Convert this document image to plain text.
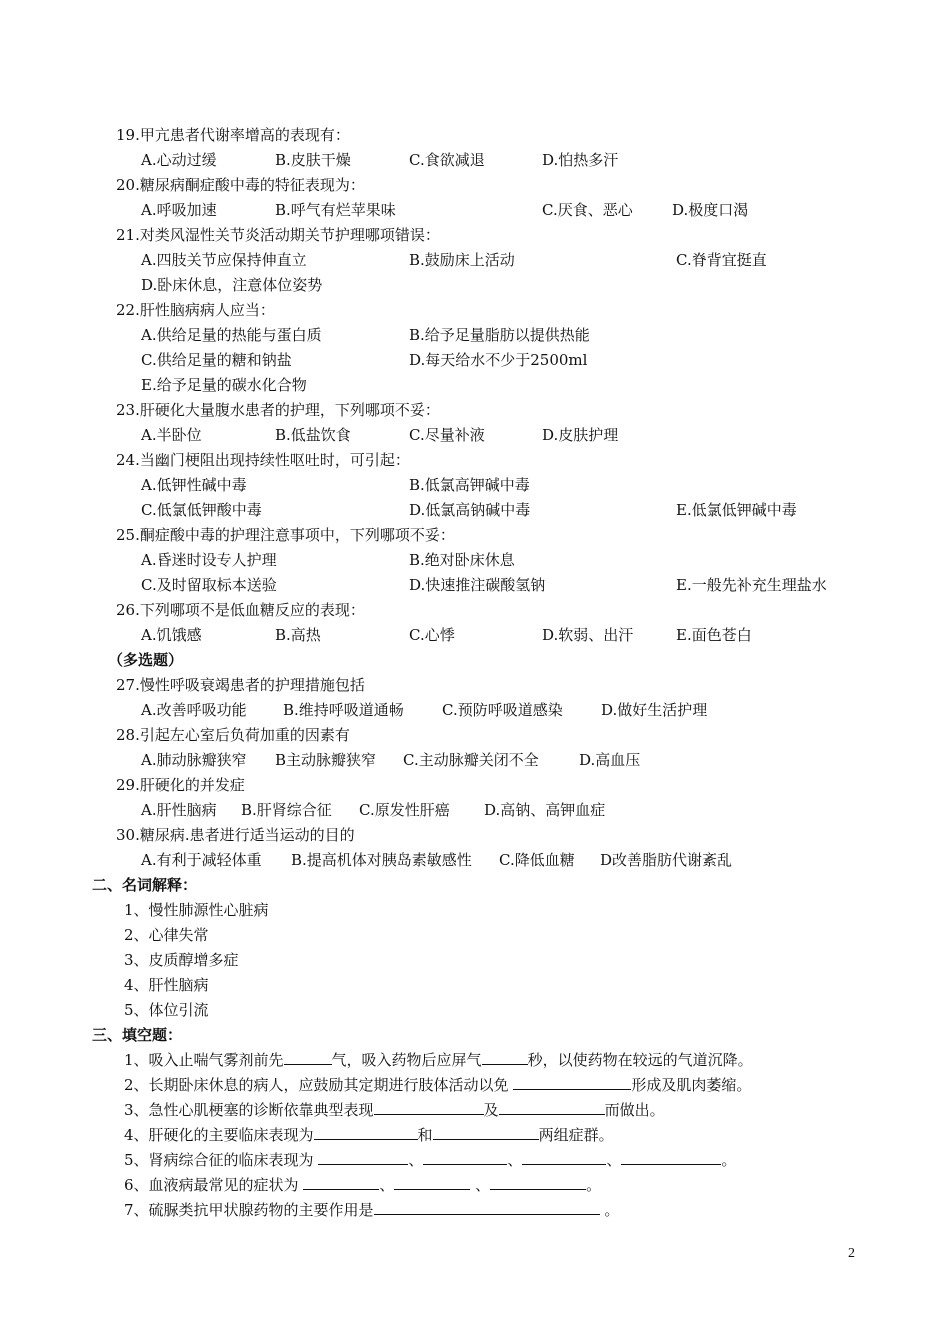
19.甲亢患者代谢率增高的表现有：
A.心动过缓	B.皮肤干燥	C.食欲减退	D.怕热多汗
20.糖尿病酮症酸中毒的特征表现为：
A.呼吸加速	B.呼气有烂苹果味	C.厌食、恶心	D.极度口渴
21.对类风湿性关节炎活动期关节护理哪项错误：
A.四肢关节应保持伸直立	B.鼓励床上活动	C.脊背宜挺直
D.卧床休息，注意体位姿势
22.肝性脑病病人应当：
A.供给足量的热能与蛋白质	B.给予足量脂肪以提供热能
C.供给足量的糖和钠盐	D.每天给水不少于2500ml
E.给予足量的碳水化合物
23.肝硬化大量腹水患者的护理，下列哪项不妥：
A.半卧位	B.低盐饮食	C.尽量补液	D.皮肤护理
24.当幽门梗阻出现持续性呕吐时，可引起：
A.低钾性碱中毒	B.低氯高钾碱中毒
C.低氯低钾酸中毒	D.低氯高钠碱中毒	E.低氯低钾碱中毒
25.酮症酸中毒的护理注意事项中，下列哪项不妥：
A.昏迷时设专人护理	B.绝对卧床休息
C.及时留取标本送验	D.快速推注碳酸氢钠	E.一般先补充生理盐水
26.下列哪项不是低血糖反应的表现：
A.饥饿感	B.高热	C.心悸	D.软弱、出汗	E.面色苍白
（多选题）
27.慢性呼吸衰竭患者的护理措施包括
A.改善呼吸功能 B.维持呼吸道通畅	C.预防呼吸道感染	D.做好生活护理
28.引起左心室后负荷加重的因素有
A.肺动脉瓣狭窄 B主动脉瓣狭窄 C.主动脉瓣关闭不全	D.高血压
29.肝硬化的并发症
A.肝性脑病 B.肝肾综合征 C.原发性肝癌 D.高钠、高钾血症
30.糖尿病.患者进行适当运动的目的
A.有利于减轻体重 B.提高机体对胰岛素敏感性 C.降低血糖 D改善脂肪代谢紊乱
二、名词解释：
1、慢性肺源性心脏病
2、心律失常
3、皮质醇增多症
4、肝性脑病
5、体位引流
三、填空题：
1、吸入止喘气雾剂前先	气，吸入药物后应屏气	秒，以使药物在较远的气道沉降。
2、长期卧床休息的病人，应鼓励其定期进行肢体活动以免	形成及肌肉萎缩。
3、急性心肌梗塞的诊断依靠典型表现	及	而做出。
4、肝硬化的主要临床表现为	和	两组症群。
5、肾病综合征的临床表现为	、	、	、	。
6、血液病最常见的症状为	、	、	。
7、硫脲类抗甲状腺药物的主要作用是	。
2
